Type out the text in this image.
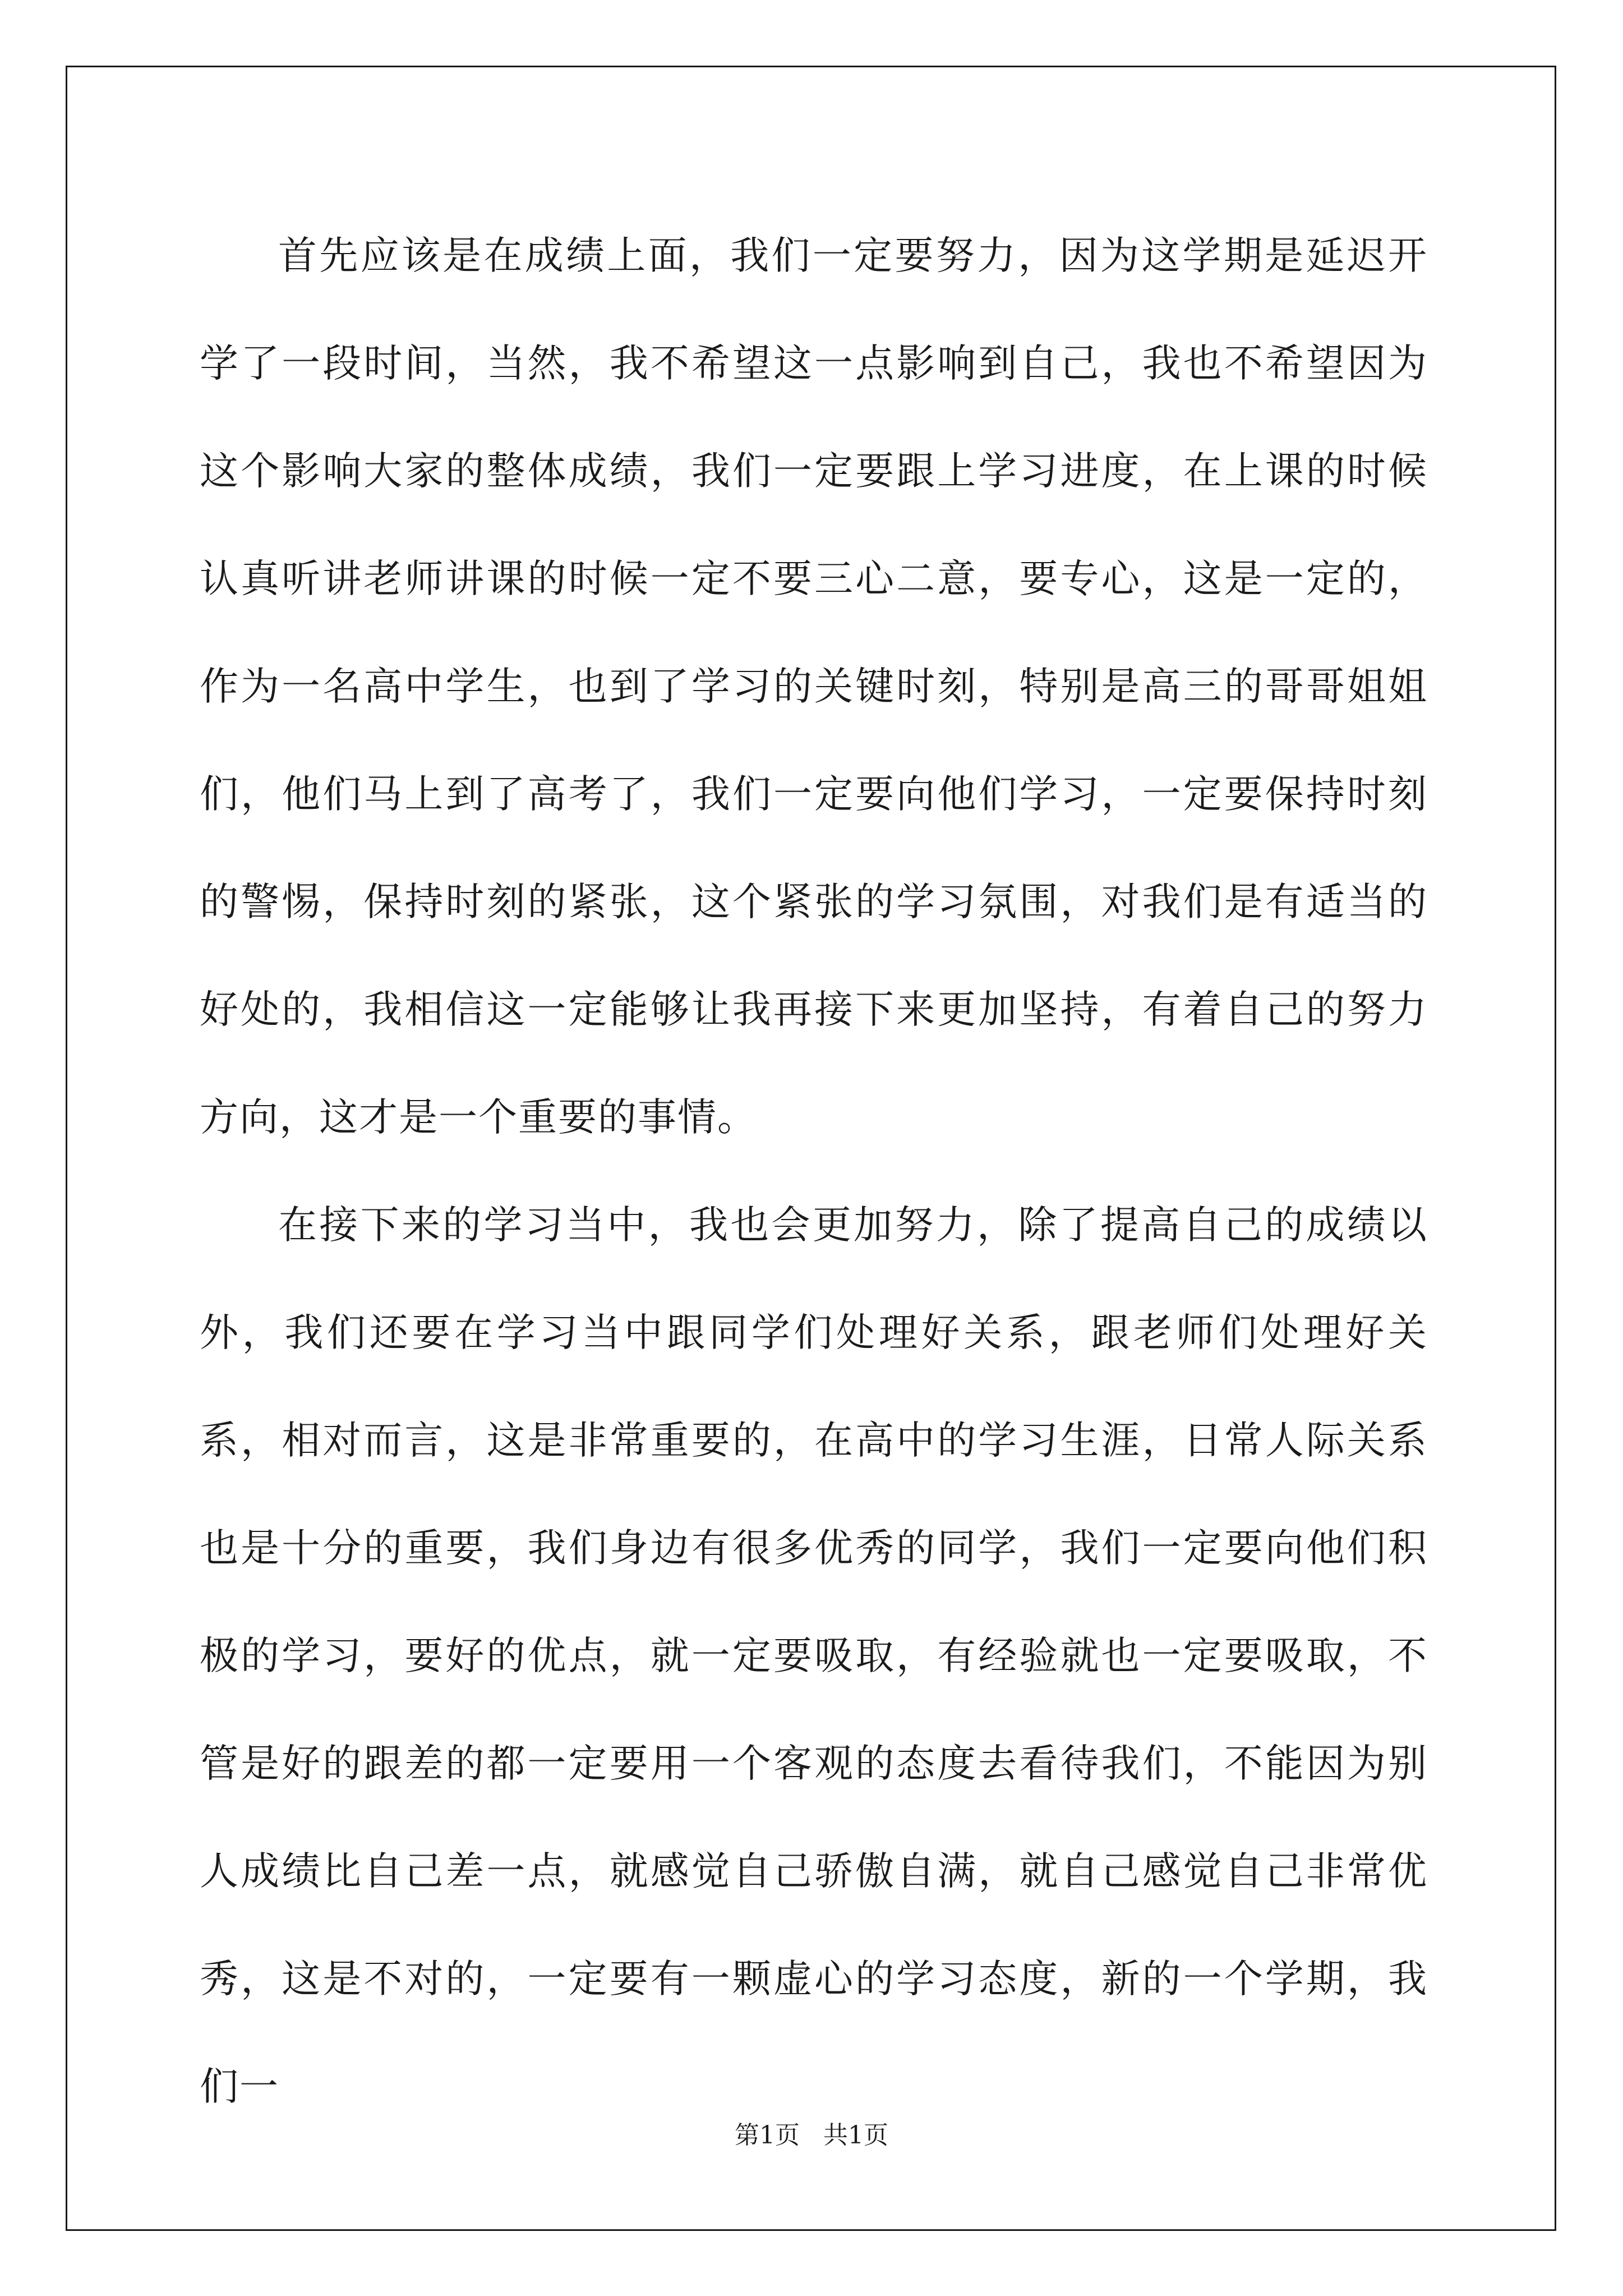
首先应该是在成绩上面，我们一定要努力，因为这学期是延迟开学了一段时间，当然，我不希望这一点影响到自己，我也不希望因为这个影响大家的整体成绩，我们一定要跟上学习进度，在上课的时候认真听讲老师讲课的时候一定不要三心二意，要专心，这是一定的，作为一名高中学生，也到了学习的关键时刻，特别是高三的哥哥姐姐们，他们马上到了高考了，我们一定要向他们学习，一定要保持时刻的警惕，保持时刻的紧张，这个紧张的学习氛围，对我们是有适当的好处的，我相信这一定能够让我再接下来更加坚持，有着自己的努力方向，这才是一个重要的事情。

在接下来的学习当中，我也会更加努力，除了提高自己的成绩以外，我们还要在学习当中跟同学们处理好关系，跟老师们处理好关系，相对而言，这是非常重要的，在高中的学习生涯，日常人际关系也是十分的重要，我们身边有很多优秀的同学，我们一定要向他们积极的学习，要好的优点，就一定要吸取，有经验就也一定要吸取，不管是好的跟差的都一定要用一个客观的态度去看待我们，不能因为别人成绩比自己差一点，就感觉自己骄傲自满，就自己感觉自己非常优秀，这是不对的，一定要有一颗虚心的学习态度，新的一个学期，我们一

第1页 共1页
